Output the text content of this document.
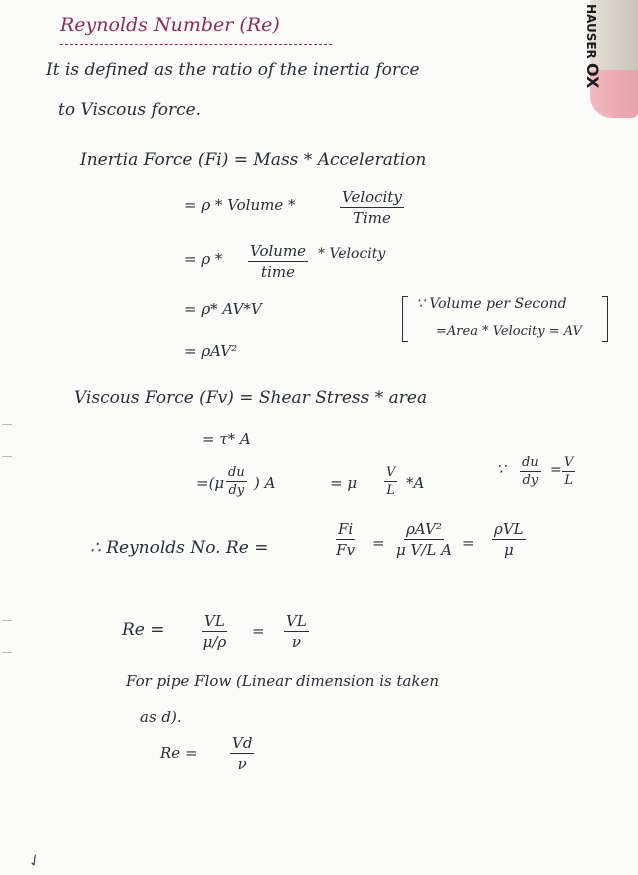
HAUSER OX
Reynolds Number (Re)
It is defined as the ratio of the inertia force
to Viscous force.
Inertia Force (Fi) = Mass * Acceleration
= ρ * Volume *	Velocity
Time
= ρ * Volume
time
* Velocity
= ρ* AV*V	∵ Volume per Second
=Area * Velocity = AV
= ρAV²
Viscous Force (Fv) = Shear Stress * area
= τ* A
$=(\mu \frac{du}{dy}$ ) A	= μ $\frac{V}{L} *A$
∵ $\frac{du}{dy} = \frac{V}{L}$
∴ Reynolds No. Re =	$\frac{Fi}{Fv}$ =
ρAV²
μ V/L A =
ρVL
μ
$Re = \frac{VL}{\mu/\rho} = \frac{VL}{\nu}$
For pipe Flow (Linear dimension is taken
as d).
$Re = \frac{Vd}{\nu}$
✓
